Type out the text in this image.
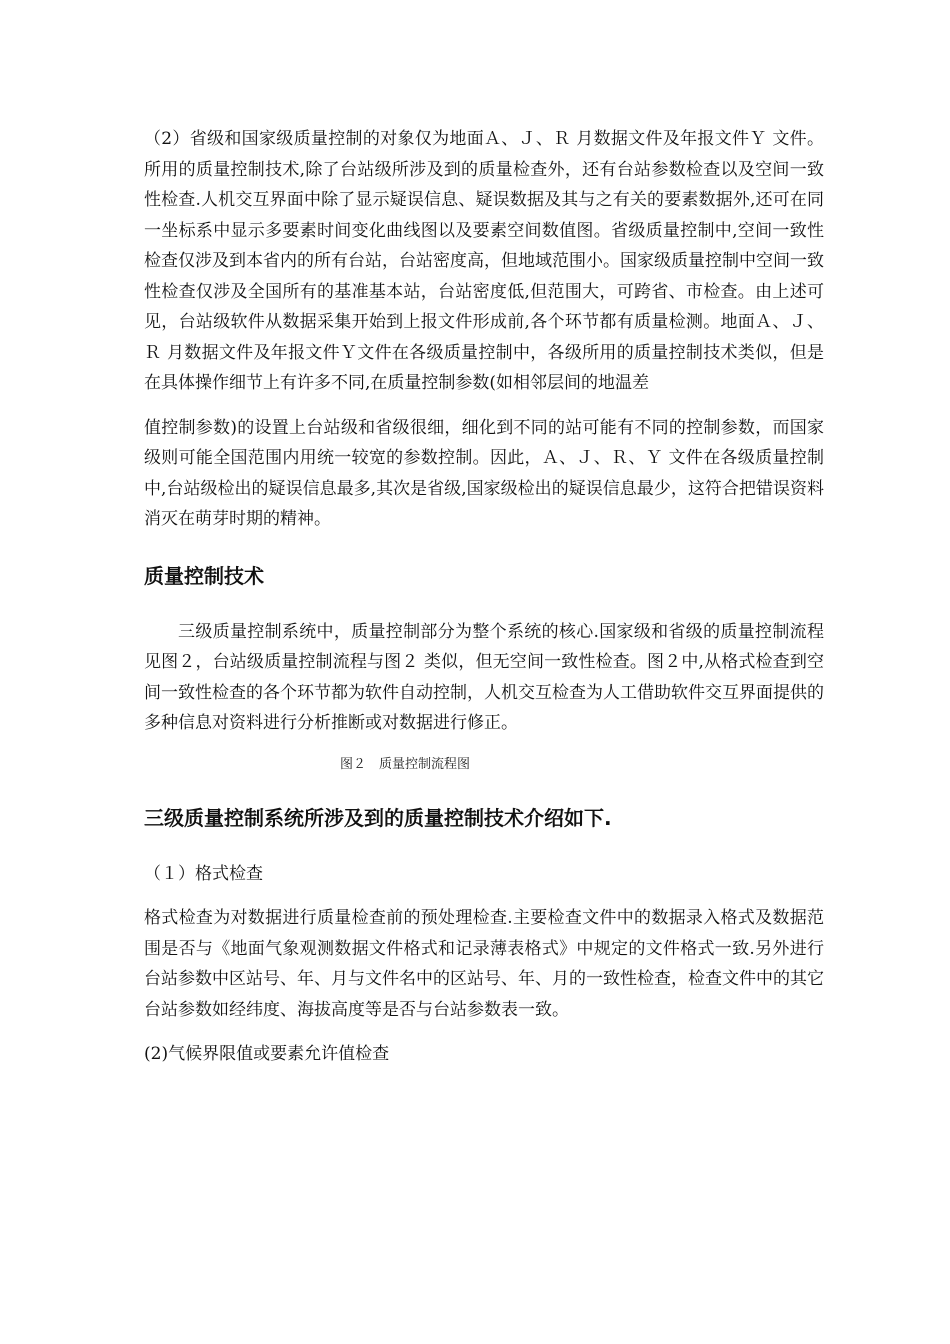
（2）省级和国家级质量控制的对象仅为地面Ａ、Ｊ、Ｒ 月数据文件及年报文件Ｙ 文件。所用的质量控制技术,除了台站级所涉及到的质量检查外，还有台站参数检查以及空间一致性检查.人机交互界面中除了显示疑误信息、疑误数据及其与之有关的要素数据外,还可在同一坐标系中显示多要素时间变化曲线图以及要素空间数值图。省级质量控制中,空间一致性检查仅涉及到本省内的所有台站，台站密度高，但地域范围小。国家级质量控制中空间一致性检查仅涉及全国所有的基准基本站，台站密度低,但范围大，可跨省、市检查。由上述可见，台站级软件从数据采集开始到上报文件形成前,各个环节都有质量检测。地面Ａ、Ｊ、Ｒ 月数据文件及年报文件Ｙ文件在各级质量控制中，各级所用的质量控制技术类似，但是在具体操作细节上有许多不同,在质量控制参数(如相邻层间的地温差

值控制参数)的设置上台站级和省级很细，细化到不同的站可能有不同的控制参数，而国家级则可能全国范围内用统一较宽的参数控制。因此，Ａ、Ｊ、Ｒ、Ｙ 文件在各级质量控制中,台站级检出的疑误信息最多,其次是省级,国家级检出的疑误信息最少，这符合把错误资料消灭在萌芽时期的精神。

质量控制技术

三级质量控制系统中，质量控制部分为整个系统的核心.国家级和省级的质量控制流程见图２，台站级质量控制流程与图２ 类似，但无空间一致性检查。图２中,从格式检查到空间一致性检查的各个环节都为软件自动控制，人机交互检查为人工借助软件交互界面提供的多种信息对资料进行分析推断或对数据进行修正。

图２　质量控制流程图

三级质量控制系统所涉及到的质量控制技术介绍如下.

（１）格式检查

格式检查为对数据进行质量检查前的预处理检查.主要检查文件中的数据录入格式及数据范围是否与《地面气象观测数据文件格式和记录薄表格式》中规定的文件格式一致.另外进行台站参数中区站号、年、月与文件名中的区站号、年、月的一致性检查，检查文件中的其它台站参数如经纬度、海拔高度等是否与台站参数表一致。

(2)气候界限值或要素允许值检查
